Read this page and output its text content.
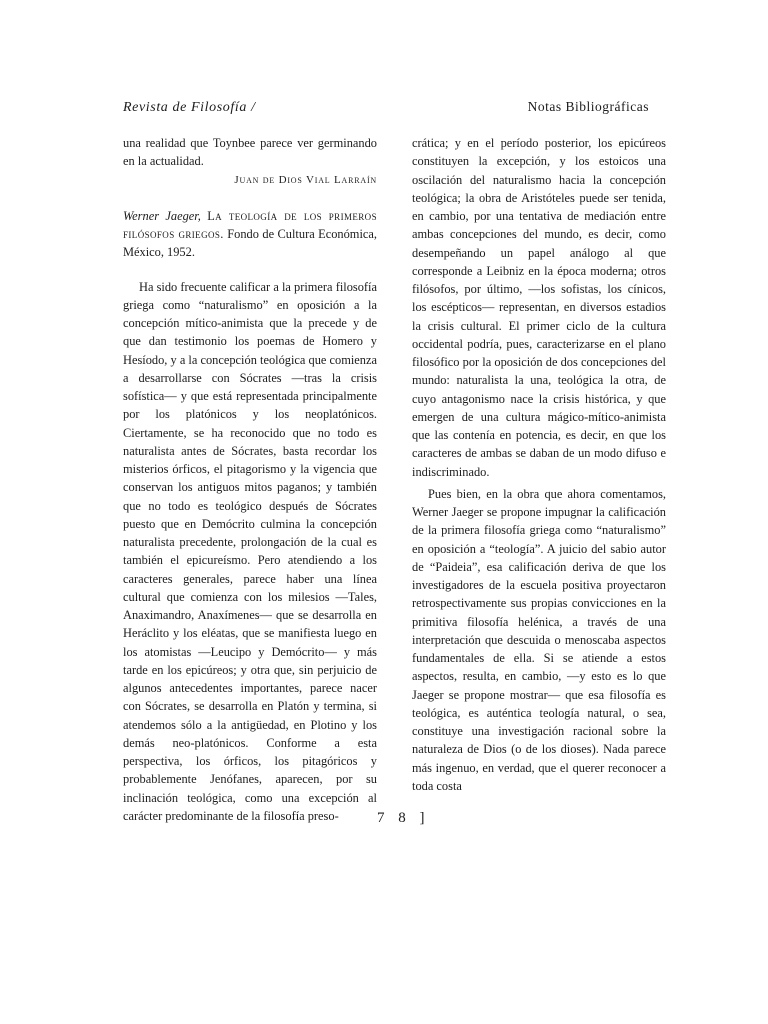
Revista de Filosofía /	Notas Bibliográficas

una realidad que Toynbee parece ver germinando en la actualidad.

Juan de Dios Vial Larraín

Werner Jaeger, La teología de los primeros filósofos griegos. Fondo de Cultura Económica, México, 1952.

Ha sido frecuente calificar a la primera filosofía griega como “naturalismo” en oposición a la concepción mítico-animista que la precede y de que dan testimonio los poemas de Homero y Hesíodo, y a la concepción teológica que comienza a desarrollarse con Sócrates —tras la crisis sofística— y que está representada principalmente por los platónicos y los neoplatónicos. Ciertamente, se ha reconocido que no todo es naturalista antes de Sócrates, basta recordar los misterios órficos, el pitagorismo y la vigencia que conservan los antiguos mitos paganos; y también que no todo es teológico después de Sócrates puesto que en Demócrito culmina la concepción naturalista precedente, prolongación de la cual es también el epicureísmo. Pero atendiendo a los caracteres generales, parece haber una línea cultural que comienza con los milesios —Tales, Anaximandro, Anaxímenes— que se desarrolla en Heráclito y los eléatas, que se manifiesta luego en los atomistas —Leucipo y Demócrito— y más tarde en los epicúreos; y otra que, sin perjuicio de algunos antecedentes importantes, parece nacer con Sócrates, se desarrolla en Platón y termina, si atendemos sólo a la antigüedad, en Plotino y los demás neo-platónicos. Conforme a esta perspectiva, los órficos, los pitagóricos y probablemente Jenófanes, aparecen, por su inclinación teológica, como una excepción al carácter predominante de la filosofía preso-

crática; y en el período posterior, los epicúreos constituyen la excepción, y los estoicos una oscilación del naturalismo hacia la concepción teológica; la obra de Aristóteles puede ser tenida, en cambio, por una tentativa de mediación entre ambas concepciones del mundo, es decir, como desempeñando un papel análogo al que corresponde a Leibniz en la época moderna; otros filósofos, por último, —los sofistas, los cínicos, los escépticos— representan, en diversos estadios la crisis cultural. El primer ciclo de la cultura occidental podría, pues, caracterizarse en el plano filosófico por la oposición de dos concepciones del mundo: naturalista la una, teológica la otra, de cuyo antagonismo nace la crisis histórica, y que emergen de una cultura mágico-mítico-animista que las contenía en potencia, es decir, en que los caracteres de ambas se daban de un modo difuso e indiscriminado.

Pues bien, en la obra que ahora comentamos, Werner Jaeger se propone impugnar la calificación de la primera filosofía griega como “naturalismo” en oposición a “teología”. A juicio del sabio autor de “Paideia”, esa calificación deriva de que los investigadores de la escuela positiva proyectaron retrospectivamente sus propias convicciones en la primitiva filosofía helénica, a través de una interpretación que descuida o menoscaba aspectos fundamentales de ella. Si se atiende a estos aspectos, resulta, en cambio, —y esto es lo que Jaeger se propone mostrar— que esa filosofía es teológica, es auténtica teología natural, o sea, constituye una investigación racional sobre la naturaleza de Dios (o de los dioses). Nada parece más ingenuo, en verdad, que el querer reconocer a toda costa

7 8 ]
